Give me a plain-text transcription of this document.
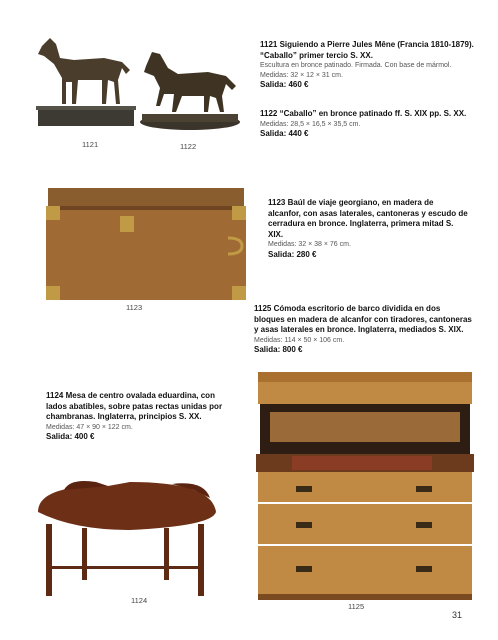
1121	1122
1123
1124
1125
1121 Siguiendo a Pierre Jules Mêne (Francia 1810-1879). “Caballo” primer tercio S. XX.
Escultura en bronce patinado. Firmada. Con base de mármol.
Medidas: 32 × 12 × 31 cm.
Salida: 460 €
1122 “Caballo” en bronce patinado ff. S. XIX pp. S. XX.
Medidas: 28,5 × 16,5 × 35,5 cm.
Salida: 440 €
1123 Baúl de viaje georgiano, en madera de alcanfor, con asas laterales, cantoneras y escudo de cerradura en bronce. Inglaterra, primera mitad S. XIX.
Medidas: 32 × 38 × 76 cm.
Salida: 280 €
1125 Cómoda escritorio de barco dividida en dos bloques en madera de alcanfor con tiradores, cantoneras y asas laterales en bronce. Inglaterra, mediados S. XIX.
Medidas: 114 × 50 × 106 cm.
Salida: 800 €
1124 Mesa de centro ovalada eduardina, con lados abatibles, sobre patas rectas unidas por chambranas. Inglaterra, principios S. XX.
Medidas: 47 × 90 × 122 cm.
Salida: 400 €
31
